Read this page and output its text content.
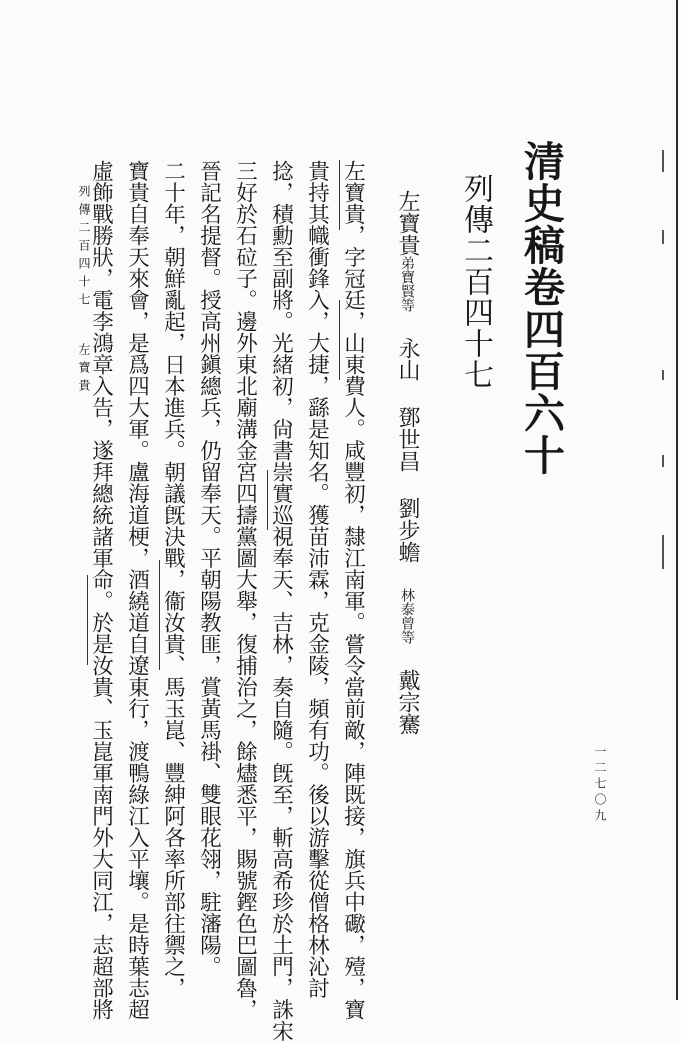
清史稿卷四百六十
列傳二百四十七
左寶貴弟寶賢等 永山 鄧世昌 劉步蟾 林泰曾等 戴宗騫
左寶貴，字冠廷，山東費人。咸豐初，隸江南軍。嘗令當前敵，陣既接，旗兵中礮，殪，寶
貴持其幟衝鋒入，大捷，繇是知名。獲苗沛霖，克金陵，頻有功。後以游擊從僧格林沁討
捻，積勳至副將。光緒初，尙書崇實巡視奉天、吉林，奏自隨。旣至，斬高希珍於土門，誅宋
三好於石砬子。邊外東北廟溝金宮四擣黨圖大舉，復捕治之，餘燼悉平，賜號鏗色巴圖魯，
晉記名提督。授高州鎭總兵，仍留奉天。平朝陽教匪，賞黃馬褂、雙眼花翎，駐瀋陽。
二十年，朝鮮亂起，日本進兵。朝議旣決戰，衞汝貴、馬玉崑、豐紳阿各率所部往禦之，
寶貴自奉天來會，是爲四大軍。盧海道梗，酒繞道自遼東行，渡鴨綠江入平壤。是時葉志超
虛飾戰勝狀，電李鴻章入告，遂拜總統諸軍命。於是汝貴、玉崑軍南門外大同江，志超部將
列傳二百四十七
左寶貴
一二七〇九
